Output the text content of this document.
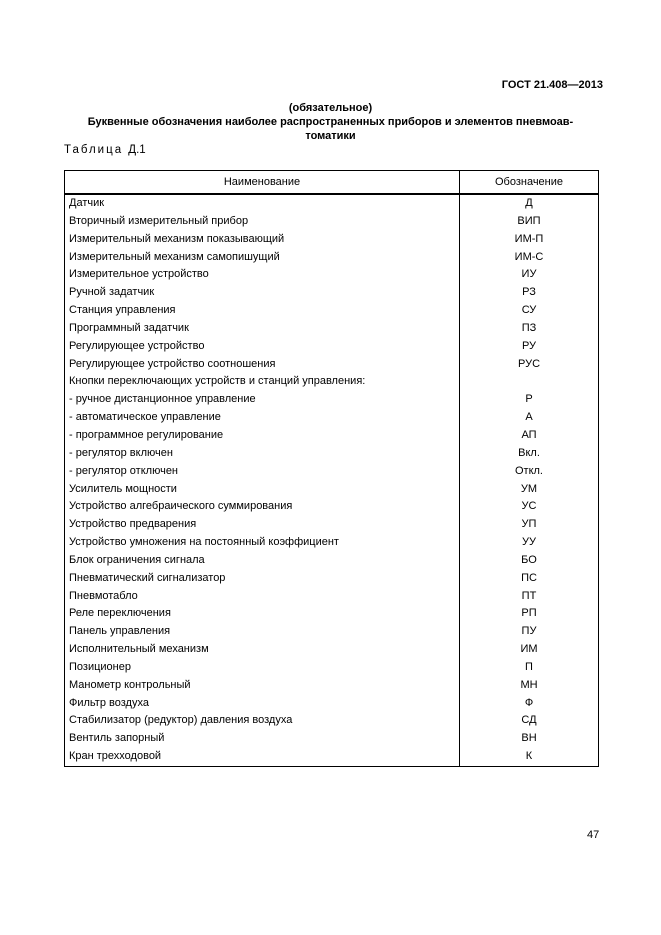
ГОСТ 21.408—2013
(обязательное)
Буквенные обозначения наиболее распространенных приборов и элементов пневмоав-
томатики
Таблица Д.1
Наименование	Обозначение
Датчик	Д
Вторичный измерительный прибор	ВИП
Измерительный механизм показывающий	ИМ-П
Измерительный механизм самопишущий	ИМ-С
Измерительное устройство	ИУ
Ручной задатчик	РЗ
Станция управления	СУ
Программный задатчик	ПЗ
Регулирующее устройство	РУ
Регулирующее устройство соотношения	РУС
Кнопки переключающих устройств и станций управления:	
- ручное дистанционное управление	Р
- автоматическое управление	А
- программное регулирование	АП
- регулятор включен	Вкл.
- регулятор отключен	Откл.
Усилитель мощности	УМ
Устройство алгебраического суммирования	УС
Устройство предварения	УП
Устройство умножения на постоянный коэффициент	УУ
Блок ограничения сигнала	БО
Пневматический сигнализатор	ПС
Пневмотабло	ПТ
Реле переключения	РП
Панель управления	ПУ
Исполнительный механизм	ИМ
Позиционер	П
Манометр контрольный	МН
Фильтр воздуха	Ф
Стабилизатор (редуктор) давления воздуха	СД
Вентиль запорный	ВН
Кран трехходовой	К
47
